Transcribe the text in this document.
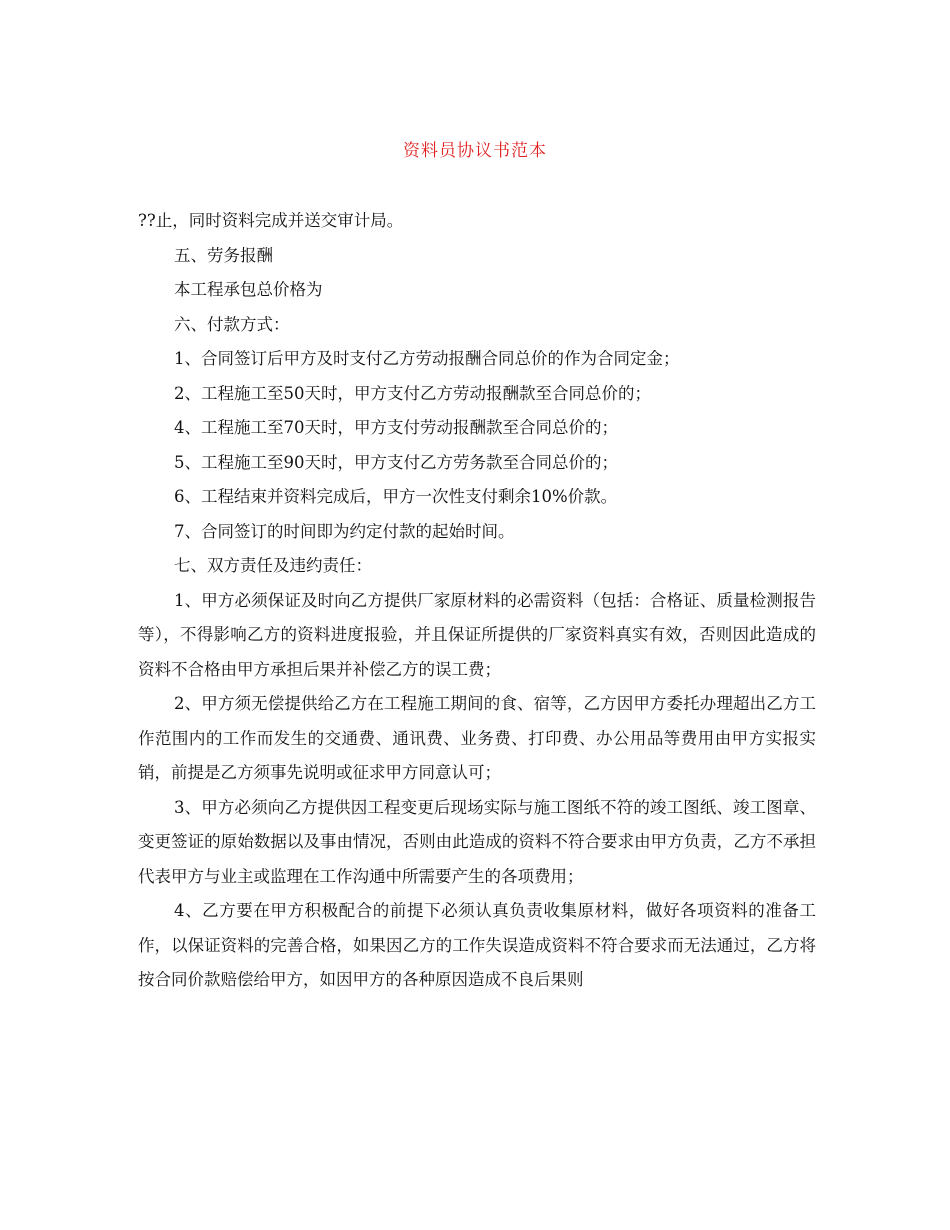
资料员协议书范本

??止，同时资料完成并送交审计局。

五、劳务报酬

本工程承包总价格为

六、付款方式：

1、合同签订后甲方及时支付乙方劳动报酬合同总价的作为合同定金；

2、工程施工至50天时，甲方支付乙方劳动报酬款至合同总价的；

4、工程施工至70天时，甲方支付劳动报酬款至合同总价的；

5、工程施工至90天时，甲方支付乙方劳务款至合同总价的；

6、工程结束并资料完成后，甲方一次性支付剩余10%价款。

7、合同签订的时间即为约定付款的起始时间。

七、双方责任及违约责任：

1、甲方必须保证及时向乙方提供厂家原材料的必需资料（包括：合格证、质量检测报告等），不得影响乙方的资料进度报验，并且保证所提供的厂家资料真实有效，否则因此造成的资料不合格由甲方承担后果并补偿乙方的误工费；

2、甲方须无偿提供给乙方在工程施工期间的食、宿等，乙方因甲方委托办理超出乙方工作范围内的工作而发生的交通费、通讯费、业务费、打印费、办公用品等费用由甲方实报实销，前提是乙方须事先说明或征求甲方同意认可；

3、甲方必须向乙方提供因工程变更后现场实际与施工图纸不符的竣工图纸、竣工图章、变更签证的原始数据以及事由情况，否则由此造成的资料不符合要求由甲方负责，乙方不承担代表甲方与业主或监理在工作沟通中所需要产生的各项费用；

4、乙方要在甲方积极配合的前提下必须认真负责收集原材料，做好各项资料的准备工作，以保证资料的完善合格，如果因乙方的工作失误造成资料不符合要求而无法通过，乙方将按合同价款赔偿给甲方，如因甲方的各种原因造成不良后果则
